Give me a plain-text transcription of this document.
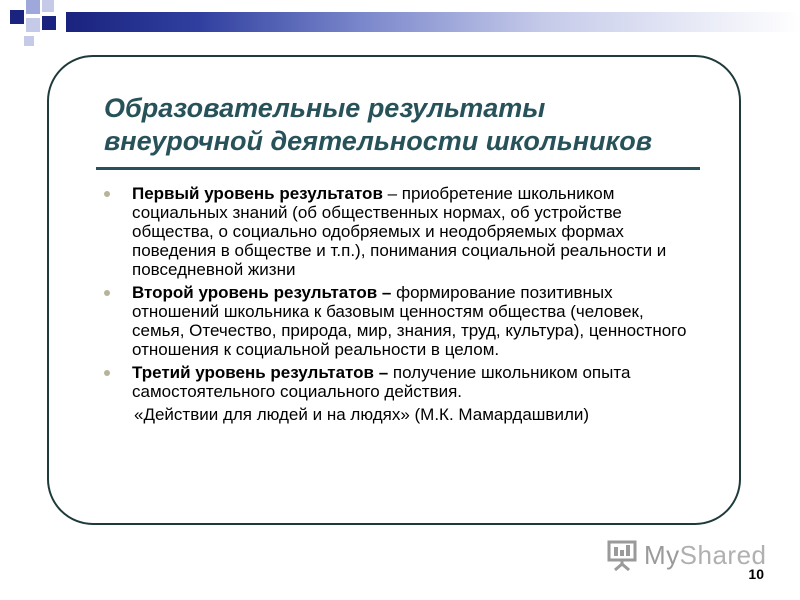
Образовательные результаты
внеурочной деятельности школьников

Первый уровень результатов – приобретение школьником социальных знаний (об общественных нормах, об устройстве общества, о социально одобряемых и неодобряемых формах поведения в обществе и т.п.), понимания социальной реальности и повседневной жизни

Второй уровень результатов – формирование позитивных отношений школьника к базовым ценностям общества (человек, семья, Отечество, природа, мир, знания, труд, культура), ценностного отношения к социальной реальности в целом.

Третий уровень результатов – получение школьником опыта самостоятельного социального действия.

«Действии для людей и на людях» (М.К. Мамардашвили)
MyShared
10
